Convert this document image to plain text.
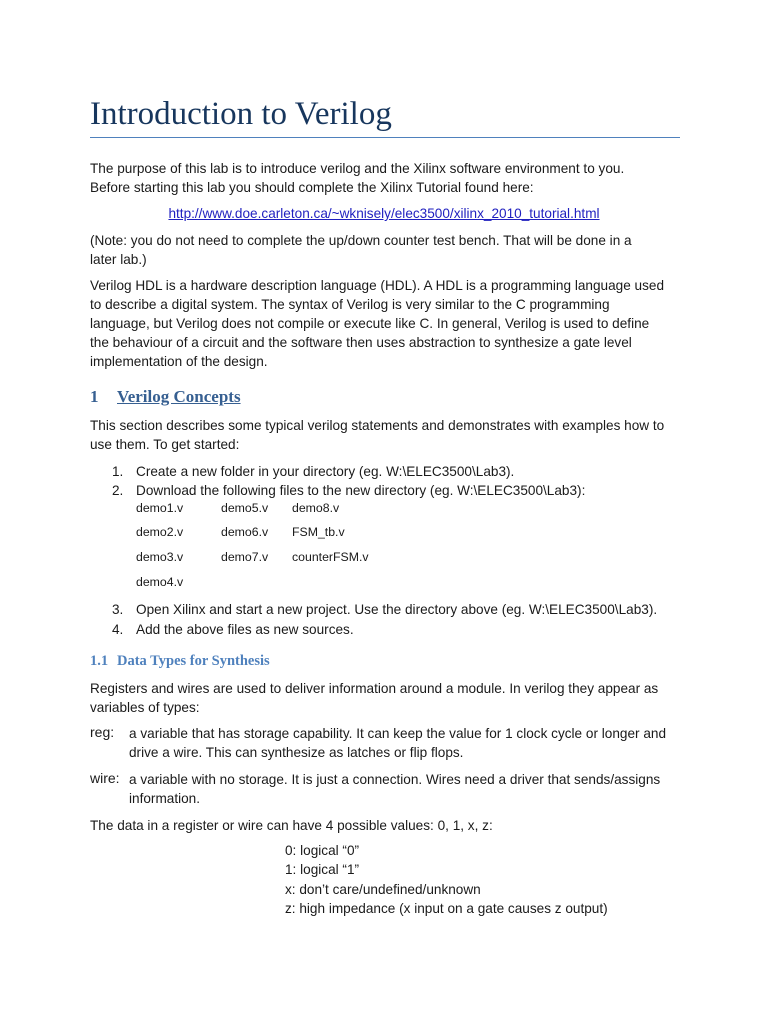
Introduction to Verilog
The purpose of this lab is to introduce verilog and the Xilinx software environment to you.
Before starting this lab you should complete the Xilinx Tutorial found here:
http://www.doe.carleton.ca/~wknisely/elec3500/xilinx_2010_tutorial.html
(Note: you do not need to complete the up/down counter test bench. That will be done in a
later lab.)
Verilog HDL is a hardware description language (HDL). A HDL is a programming language used
to describe a digital system. The syntax of Verilog is very similar to the C programming
language, but Verilog does not compile or execute like C. In general, Verilog is used to define
the behaviour of a circuit and the software then uses abstraction to synthesize a gate level
implementation of the design.
1 Verilog Concepts
This section describes some typical verilog statements and demonstrates with examples how to
use them. To get started:
1. Create a new folder in your directory (eg. W:\ELEC3500\Lab3).
2. Download the following files to the new directory (eg. W:\ELEC3500\Lab3):
demo1.v	demo5.v demo8.v
demo2.v	demo6.v FSM_tb.v
demo3.v	demo7.v counterFSM.v
demo4.v
3. Open Xilinx and start a new project. Use the directory above (eg. W:\ELEC3500\Lab3).
4. Add the above files as new sources.
1.1 Data Types for Synthesis
Registers and wires are used to deliver information around a module. In verilog they appear as
variables of types:
reg: a variable that has storage capability. It can keep the value for 1 clock cycle or longer and
drive a wire. This can synthesize as latches or flip flops.
wire: a variable with no storage. It is just a connection. Wires need a driver that sends/assigns
information.
The data in a register or wire can have 4 possible values: 0, 1, x, z:
0: logical “0”
1: logical “1”
x: don’t care/undefined/unknown
z: high impedance (x input on a gate causes z output)
